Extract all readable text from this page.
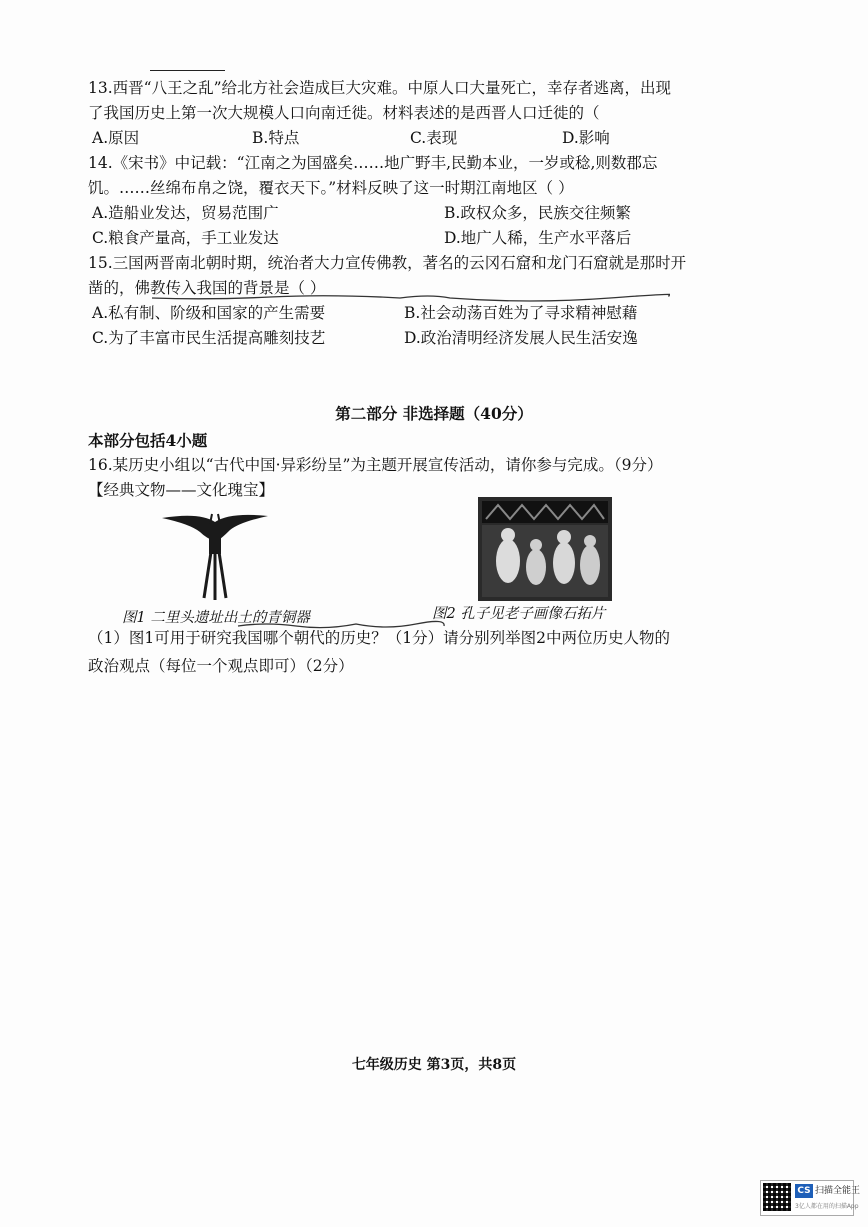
13.西晋“八王之乱”给北方社会造成巨大灾难。中原人口大量死亡，幸存者逃离，出现
了我国历史上第一次大规模人口向南迁徙。材料表述的是西晋人口迁徙的（
A.原因	B.特点	C.表现	D.影响
14.《宋书》中记载：“江南之为国盛矣……地广野丰,民勤本业，一岁或稔,则数郡忘
饥。……丝绵布帛之饶，覆衣天下。”材料反映了这一时期江南地区（ ）
A.造船业发达，贸易范围广	B.政权众多，民族交往频繁
C.粮食产量高，手工业发达	D.地广人稀，生产水平落后
15.三国两晋南北朝时期，统治者大力宣传佛教，著名的云冈石窟和龙门石窟就是那时开
凿的，佛教传入我国的背景是（ ）
A.私有制、阶级和国家的产生需要	B.社会动荡百姓为了寻求精神慰藉
C.为了丰富市民生活提高雕刻技艺	D.政治清明经济发展人民生活安逸
第二部分 非选择题（40分）
本部分包括4小题
16.某历史小组以“古代中国·异彩纷呈”为主题开展宣传活动，请你参与完成。（9分）
【经典文物——文化瑰宝】
图1 二里头遗址出土的青铜器	图2 孔子见老子画像石拓片
（1）图1可用于研究我国哪个朝代的历史？（1分）请分别列举图2中两位历史人物的
政治观点（每位一个观点即可）（2分）
七年级历史 第3页，共8页
CS 扫描全能王
3亿人都在用的扫描App
